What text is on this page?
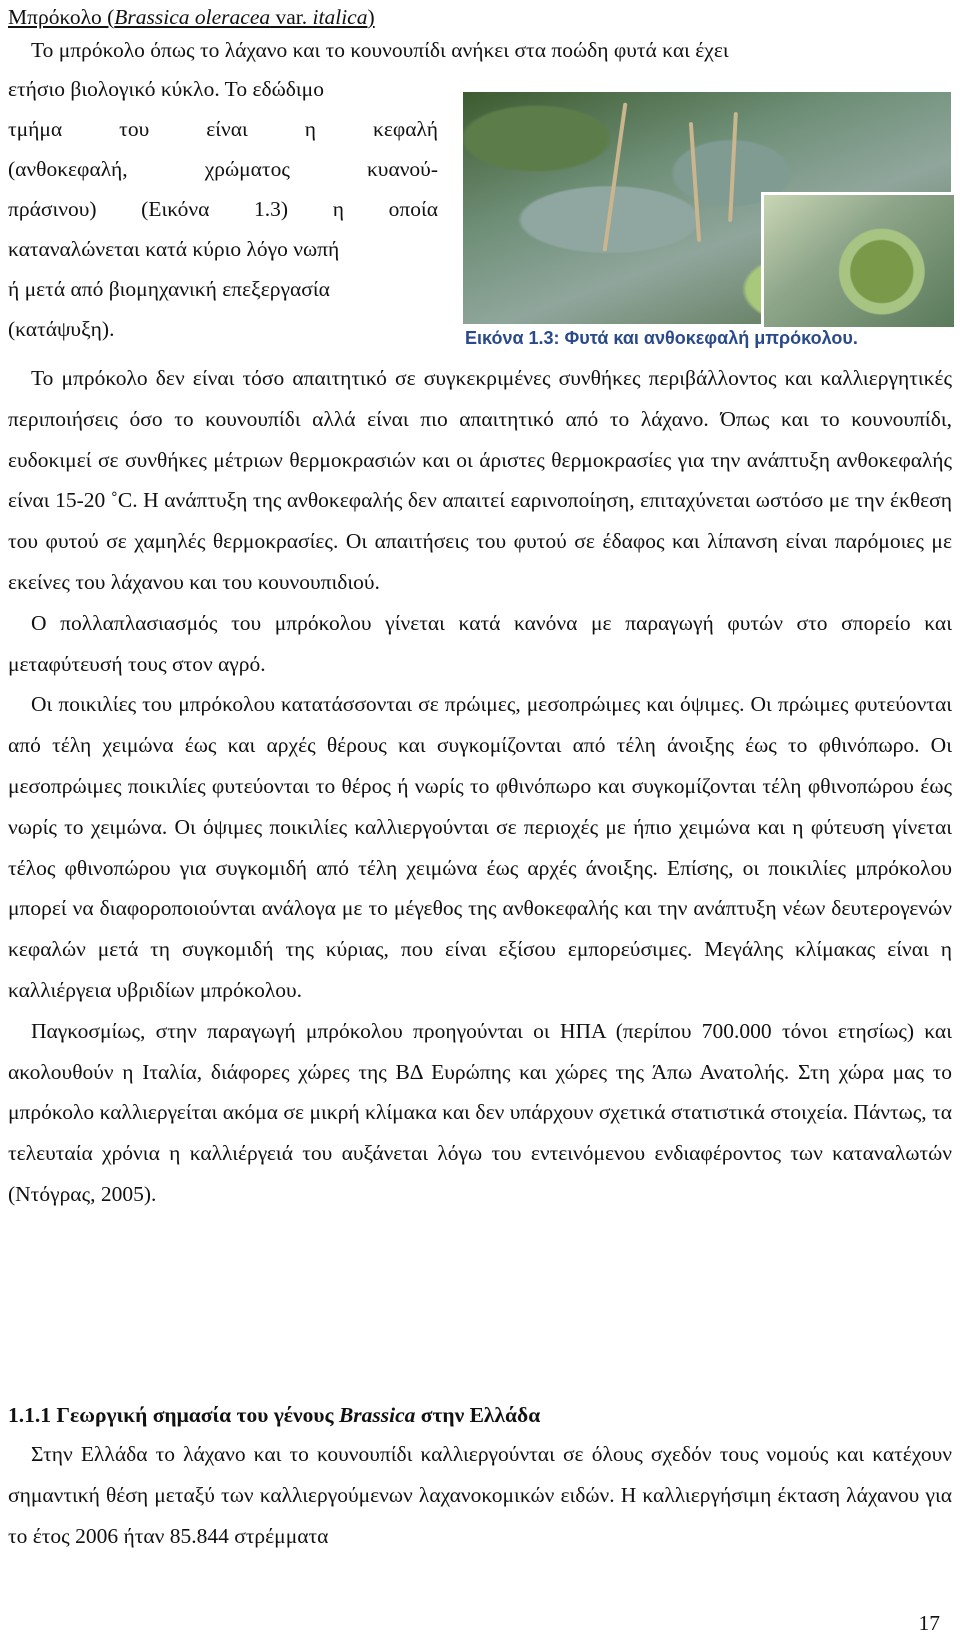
Μπρόκολο (Brassica oleracea var. italica)
Το μπρόκολο όπως το λάχανο και το κουνουπίδι ανήκει στα ποώδη φυτά και έχει
ετήσιο βιολογικό κύκλο. Το εδώδιμο
τμήμα του είναι η κεφαλή
(ανθοκεφαλή, χρώματος κυανού-
πράσινου) (Εικόνα 1.3) η οποία
καταναλώνεται κατά κύριο λόγο νωπή
ή μετά από βιομηχανική επεξεργασία
(κατάψυξη).	Εικόνα 1.3: Φυτά και ανθοκεφαλή μπρόκολου.

Το μπρόκολο δεν είναι τόσο απαιτητικό σε συγκεκριμένες συνθήκες περιβάλλοντος και καλλιεργητικές περιποιήσεις όσο το κουνουπίδι αλλά είναι πιο απαιτητικό από το λάχανο. Όπως και το κουνουπίδι, ευδοκιμεί σε συνθήκες μέτριων θερμοκρασιών και οι άριστες θερμοκρασίες για την ανάπτυξη ανθοκεφαλής είναι 15-20 ˚C. Η ανάπτυξη της ανθοκεφαλής δεν απαιτεί εαρινοποίηση, επιταχύνεται ωστόσο με την έκθεση του φυτού σε χαμηλές θερμοκρασίες. Οι απαιτήσεις του φυτού σε έδαφος και λίπανση είναι παρόμοιες με εκείνες του λάχανου και του κουνουπιδιού.

Ο πολλαπλασιασμός του μπρόκολου γίνεται κατά κανόνα με παραγωγή φυτών στο σπορείο και μεταφύτευσή τους στον αγρό.

Οι ποικιλίες του μπρόκολου κατατάσσονται σε πρώιμες, μεσοπρώιμες και όψιμες. Οι πρώιμες φυτεύονται από τέλη χειμώνα έως και αρχές θέρους και συγκομίζονται από τέλη άνοιξης έως το φθινόπωρο. Οι μεσοπρώιμες ποικιλίες φυτεύονται το θέρος ή νωρίς το φθινόπωρο και συγκομίζονται τέλη φθινοπώρου έως νωρίς το χειμώνα. Οι όψιμες ποικιλίες καλλιεργούνται σε περιοχές με ήπιο χειμώνα και η φύτευση γίνεται τέλος φθινοπώρου για συγκομιδή από τέλη χειμώνα έως αρχές άνοιξης. Επίσης, οι ποικιλίες μπρόκολου μπορεί να διαφοροποιούνται ανάλογα με το μέγεθος της ανθοκεφαλής και την ανάπτυξη νέων δευτερογενών κεφαλών μετά τη συγκομιδή της κύριας, που είναι εξίσου εμπορεύσιμες. Μεγάλης κλίμακας είναι η καλλιέργεια υβριδίων μπρόκολου.

Παγκοσμίως, στην παραγωγή μπρόκολου προηγούνται οι ΗΠΑ (περίπου 700.000 τόνοι ετησίως) και ακολουθούν η Ιταλία, διάφορες χώρες της ΒΔ Ευρώπης και χώρες της Άπω Ανατολής. Στη χώρα μας το μπρόκολο καλλιεργείται ακόμα σε μικρή κλίμακα και δεν υπάρχουν σχετικά στατιστικά στοιχεία. Πάντως, τα τελευταία χρόνια η καλλιέργειά του αυξάνεται λόγω του εντεινόμενου ενδιαφέροντος των καταναλωτών (Ντόγρας, 2005).

1.1.1 Γεωργική σημασία του γένους Brassica στην Ελλάδα

Στην Ελλάδα το λάχανο και το κουνουπίδι καλλιεργούνται σε όλους σχεδόν τους νομούς και κατέχουν σημαντική θέση μεταξύ των καλλιεργούμενων λαχανοκομικών ειδών. Η καλλιεργήσιμη έκταση λάχανου για το έτος 2006 ήταν 85.844 στρέμματα

17
